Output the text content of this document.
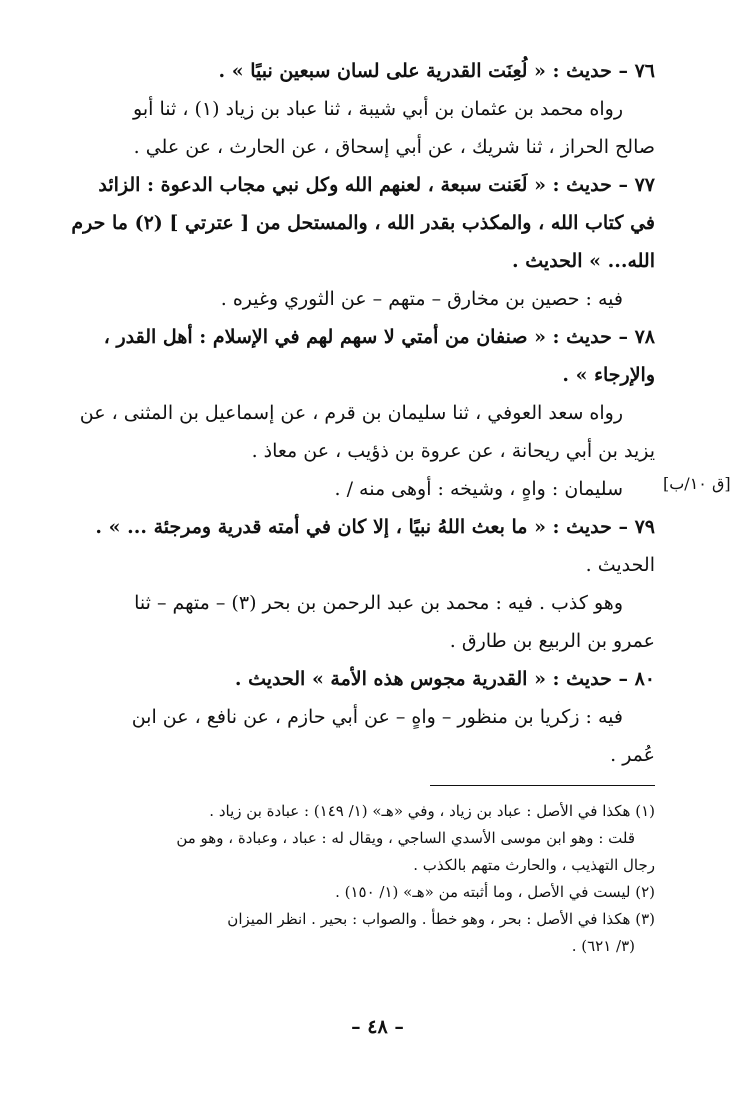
٧٦ – حديث : « لُعِنَت القدرية على لسان سبعين نبيًا » .
رواه محمد بن عثمان بن أبي شيبة ، ثنا عباد بن زياد (١) ، ثنا أبو
صالح الحراز ، ثنا شريك ، عن أبي إسحاق ، عن الحارث ، عن علي .
٧٧ – حديث : « لَعَنت سبعة ، لعنهم الله وكل نبي مجاب الدعوة : الزائد
في كتاب الله ، والمكذب بقدر الله ، والمستحل من [ عترتي ] (٢) ما حرم
الله... » الحديث .
فيه : حصين بن مخارق – متهم – عن الثوري وغيره .
٧٨ – حديث : « صنفان من أمتي لا سهم لهم في الإسلام : أهل القدر ،
والإرجاء » .
رواه سعد العوفي ، ثنا سليمان بن قرم ، عن إسماعيل بن المثنى ، عن
يزيد بن أبي ريحانة ، عن عروة بن ذؤيب ، عن معاذ .
سليمان : واهٍ ، وشيخه : أوهى منه / .
٧٩ – حديث : « ما بعث اللهُ نبيًا ، إلا كان في أمته قدرية ومرجئة ... » .
الحديث .
وهو كذب . فيه : محمد بن عبد الرحمن بن بحر (٣) – متهم – ثنا
عمرو بن الربيع بن طارق .
٨٠ – حديث : « القدرية مجوس هذه الأمة » الحديث .
فيه : زكريا بن منظور – واهٍ – عن أبي حازم ، عن نافع ، عن ابن
عُمر .
[ق ١٠/ب]
(١) هكذا في الأصل : عباد بن زياد ، وفي «هـ» (١/ ١٤٩) : عبادة بن زياد .
قلت : وهو ابن موسى الأسدي الساجي ، ويقال له : عباد ، وعبادة ، وهو من
رجال التهذيب ، والحارث متهم بالكذب .
(٢) ليست في الأصل ، وما أثبته من «هـ» (١/ ١٥٠) .
(٣) هكذا في الأصل : بحر ، وهو خطأ . والصواب : بحير . انظر الميزان
(٣/ ٦٢١) .
– ٤٨ –
